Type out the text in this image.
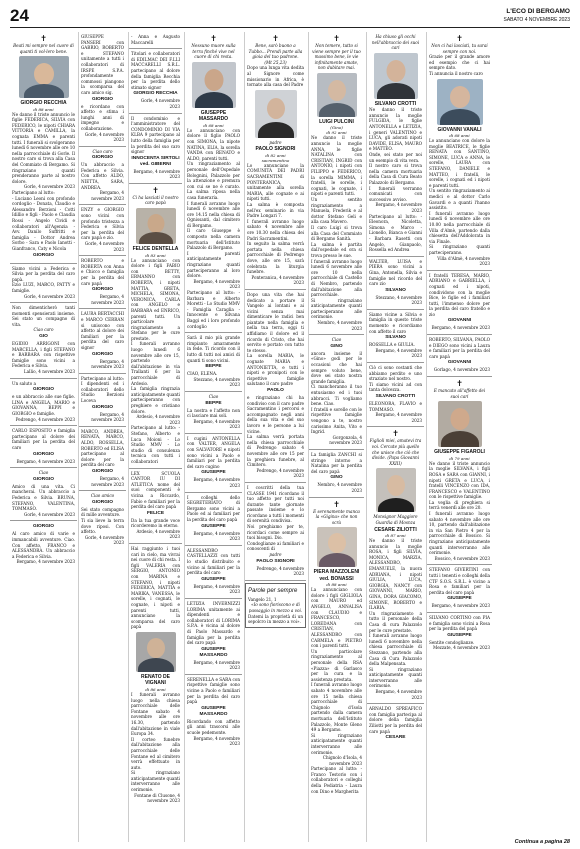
24	L'ECO DI BERGAMO
SABATO 4 NOVEMBRE 2023
✝

Beati mi sempre nel cuore di quanti ti vol-lero bene.

GIORGIO RECCHIA
di 88 anni

Ne danno il triste annuncio le figlie FEDERICA, SILVIA con FEDERICO, le nipoti CHIARA VITTORIA e CAMILLA, la cognata EMMA e parenti tutti. I funerali si svolgeranno lunedì 6 novembre alle ore 10 nella parrocchiale di Gorle. Il nostro caro si trova alla Casa del Commiato di Bergamo. Si ringraziano quanti prenderanno parte al nostro dolore.

Gorle, 4 novembre 2023

Partecipano al lutto:

- Luciano Leoni con profondo cordoglio - Donata, Claudio e Alessandro Berzioni - Cotti Idillio e figli - Paolo e Claudia Rossi - Angelo Cividi e collaboratori all'Agenzia - Avv. Danilo Suffritti e famiglia - Dottor Andrea Sorbo - Sara e Paolo Ianotti - Gianfranco, Caty e Nicola

GIORGIO

Siamo vicini a Federica e Silvia per la perdita del caro papà.

Ezio LUZI, MARCO, PATTY e famiglie.

Gorle, 4 novembre 2023

Non dimenticherò tanti momenti spensierati insieme. Sei stato un compagno di vita.

Ciao caro

GIO

EGIDIO ARRIGONI con MARCELLA, i figli STEFANO e BARBARA con rispettive famiglie sono vicini a Federica e Silvia.

Lallio, 4 novembre 2023

Un saluto a

GIORGIO

e un abbraccio alle sue figlie. LINA e ANGELA, MARIO e GIOVANNA, BEPPI e GIORGIO e famiglie.

Pedrengo, 4 novembre 2023

CARLO ESPOSITO e famiglia partecipano al dolore dei familiari per la perdita del caro

GIORGIO

Bergamo, 4 novembre 2023

Ciao

GIORGIO

Amico di una vita. Ci mancherai. Un abbraccio a Federica e Silvia. BRUNA, STEFANO, VALENTINA, TOMMASO.

Gorle, 4 novembre 2023

GIORGIO

Al caro amico di varie e immancabili avventure. Ciao. Con affetto, FRANCO e ALESSANDRA. Un abbraccio a Federica e Silvia.

Bergamo, 4 novembre 2023

GIUSEPPE PANSERI con GABRIO, ROBERTO e STEFANO unitamente a tutti i collaboratori di IRSPE S.P.A. profondamente commossi piangono la scomparsa del caro amico sig.

GIORGIO

e ricordano con affetto e stima i lunghi anni di impegno e collaborazione.

Gorle, 4 novembre 2023

Ciao caro

GIORGIO

Un abbraccio a Federica e Silvia. Con affetto ALDO, NIETTA, SARA, ANDREA.

Bergamo, 4 novembre 2023

ENZY e GIORGIO sono vicini con profondo tristezza a Federica e Silvia per la perdita del caro papà e zio.

Gorle, 4 novembre 2023

ROBERTO e ROBERTA con Anna e Chicco e famiglia per la perdita del caro papà

GIORGIO

Bergamo, 4 novembre 2023

LAURA BERTACCHI e MARCO CERRAN si uniscono con affetto al dolore dei familiari per la perdita del caro signor

GIORGIO

Bergamo, 4 novembre 2023

Partecipano al lutto: I dipendenti ed i collaboratori dello Studio Berzioni Loceva

GIORGIO

Bergamo, 4 novembre 2023

MARCO, ANDREA, RENATA, MARCO, ALDO, ROSSELLA, ROBERTO ed ELISA partecipano al dolore per la perdita del caro

GIORGIO

Bergamo, 4 novembre 2023

Ciao amico

GIORGIO

Sei stato compagno di mille avventure.

Ti sia lieve la terra dove riposi. Con affetto.

Gorle, 4 novembre 2023

- Anna e Augusto Maccarelli

Titolari e collaboratori di EDILMAC DEI F.LLI MACCARELLI S.R.L. partecipano al dolore della famiglia Recchia per la perdita dello stimato signor

GIORGIO RECCHIA

Gorle, 4 novembre 2023

Il condominio e l'amministratore del CONDOMINIO DI VIA KLBA 9 partecipano al lutto della famiglia per la perdita del suo caro signor

INNOCENTA SIRTOLI ved. GIBERNI

Bergamo, 4 novembre 2023

✝

Ci ha lasciati il nostro caro papà

FELICE DENTELLA
di 83 anni

Lo annunciano con dolore i figli FABIO con BETTY, ERMANNO con ROBERTA, i nipoti MATTIA, GRETA, MICHELA, SIMONA, VERONICA, CARLA con ANGELO e BARBARA ed ENRICO, parenti tutti. Un particolare ringraziamento a Stefano per le cure prestate.

I funerali avranno luogo lunedì 6 novembre alle ore 15, partendo dall'abitazione in via Trallanti 6 per la parrocchiale di Ardesio.

La famiglia ringrazia anticipatamente quanti parteciperanno con preghiere e cristiano dolore.

Ardesio, 4 novembre 2023

Partecipano al lutto: - Stefano, Alberto e Luca Moioni - Lo Studio MMV - Lo studio di consulenza tecnica con tutti i collaboratori

LEX SCUOLA CANTOR IU DI ATLETICA nome del suoi componenti è vicina a Riccardo, Fabio e familiari per la perdita del caro papà

FELICE

Da la tua grande voce ricorderemo in eterno.

Ardesio, 4 novembre 2023

Hai raggiunto i tuoi cari in cielo, ma vivrai nei cuore di chi resta. I figli VALERIA con SERGIO, ANTONIO con MARINA e STEFANO, i nipoti FEDERICA, MATTIA e MARIKA, VANESSA, le sorelle, i cognati, le cognate, i nipoti e parenti tutti, annunciano la scomparsa del caro papà

RENATO DE VIGNANI
di 86 anni

I funerali avranno luogo nella chiesa parrocchiale delle Fontane sabato 4 novembre alle ore 16.30, partendo dall'abitazione in viale Europa 34.

Il corteo funebre dall'abitazione alla parrocchiale delle Fontane ed al cimitero verrà effettuato in auto.

Si ringraziano anticipatamente quanti interverranno alle cerimonie.

Fontane di Clusone, 4 novembre 2023

✝

Nessuno muore sulla terra finché vive nel cuore di chi resta.

GIUSEPPE MASSARDO
di 68 anni

Lo annunciano con dolore il figlio PAOLO con SIMONA, la nipote NATINA, ELIA, la sorella VANDA con RENATO e ALDO, parenti tutti.

Un ringraziamento al personale dell'Ospedale Bolognini, Palazzolo per la attenzione e premura con cui se ne è curato. La salma riposa nella casa funeraria.

I funerali avranno luogo lunedì 6 novembre alle ore 14.15 nella chiesa di Ognissanti, dal cimitero di Bergamo.

Il caro Giuseppe è composto nella camera mortuaria dell'Istituto Palazzolo di Bergamo.

I parenti anticipatamente ringraziano quanti parteciperanno al loro dolore.

Bergamo, 4 novembre 2023

Partecipano al lutto: - Barbara e Alberto Moretti - Lo Studio MMV - Famiglia Caraglia - Innocente e Silvana Baggi ed i loro profondo cordoglio

Sarà il mio più grande rimpianto amaramente in fede. Ti ricordo con il lutto di tutti noi amici di quanti ti sono vicini.

BEPPE

CIAO, ELENA.

Stezzano, 4 novembre 2023

Ciao

BEPPE

La nostra e l'affetto non ci lasciare mai soli.

Bergamo, 4 novembre 2023

I cugini ANTONELLA con VALTER, ANGELA con SALVATORE e nipoti sono vicini a Paolo e familiari per la perdita del caro cugino

GIUSEPPE

Bergamo, 4 novembre 2023

I colleghi dello SEGRETERIATO di Bergamo sono vicini a Paolo ed ai familiari per la perdita del caro papà

GIUSEPPE

Bergamo, 4 novembre 2023

ALESSANDRO CASTELLAZZI con tutti lo studio distribuito e vicino ai familiari per la perdita del caro

GIUSEPPE

Bergamo, 4 novembre 2023

LETIZIA INVERNIZZI LORIMA unitamente ai dipendenti e collaboratori di LORIMA S.P.A. è vicina al dolore di Paolo Massardo e famiglia per la perdita del caro papà

GIUSEPPE MASSARDO

Bergamo, 4 novembre 2023

SERENELLA e SARA con rispettive famiglie sono vicine a Paolo e familiari per la perdita del caro papà

GIUSEPPE MASSARDO

Ricordando con affetto gli anni trascorsi alle scuole pedemonte.

Bergamo, 4 novembre 2023

✝

Bene, sarò buono a Tubbo... Prendi parte alla gioia del tuo padrone.

(Mt 25,23)

Dopo una lunga vita dedita al Signore come missionario in Africa, è tornato alla casa del Padre

padre

PAOLO SIGNORI
di 82 anni
sacramentino

Lo annunciano la COMUNITÀ DEI PADRI SACRAMENTINI di PONTERANICA, unitamente alla sorella MARIA, alle cognate e ai nipoti tutti.

La salma è composta nell'ex seminario in via Padre Longari 7.

I funerali avranno luogo sabato 4 novembre alle ore 10.30 nella chiesa dei Padri Sacramentini.

In seguito la salma verrà portata nella chiesa parrocchiale di Pedrengo dove, alle ore 15, sarà celebrata la liturgia funebre.

Ponteranica, 4 novembre 2023

Dopo una vita che hai dedicato a portare il Vangelo ai lontani e ai vicini senza mai dimenticare le radici ben piantate nella famiglia e nella tua terra, oggi ti affidiamo il dolore ed il ricordo di Cristo, che hai servito e portato con tutto te stesso.

La sorella MARIA, le cognate MARIA e ANTONIETTA, e tutti i nipoti e pronipoti con le rispettive famiglie salutano il caro padre

PAOLO

e ringraziano chi ha condiviso con il caro padre Sacramentino i percorsi e accompagnato negli anni della sua vita e del suo lavoro e le persone a lui vicine.

La salma verrà portata nella chiesa parrocchiale di Pedrengo sabato 4 novembre alle ore 15 per la preghiera funebre, al Cimitero.

Pedrengo, 4 novembre 2023

I coscritti della tua CLASSE 1941 ricordano il tuo affetto per tutti noi durante tante giornate passate insieme e lo ricordano a tutti i momenti di serenità condivisa.

Noi preghiamo per te, ricordaci come sempre ai tuoi bisogni. Dio.

Condoglianze ai familiari e conoscenti di

padre

PAOLO SIGNORI

Pedrengo, 4 novembre 2023

Parole per sempre

Vangelo 21, 1

«Io sono fioriscono e di passaggio in mezzo a voi.

Datemi la proprietà di un sepolcro in mezzo a voi».

✝

Non temere, tutto si viene sempre per il tuo massimo bene, le vie infinitamente amate, non dubitare mai.

LUIGI PULCINI
(Gino)
di 92 anni

Ne danno il triste annuncio la moglie ANNA, le figlie NATALINA con CRISTIAN, INGRID con ANTONIO, i nipoti con FILIPPO e FEDERICO, la sorella MIMMA, i fratelli, le sorelle, i cognati, le cognate, i nipoti e parenti tutti.

Un sentito ringraziamento a Manuela, Frederik e al dottor Stefano Geli e alla casa Mavero.

Il caro Luigi si trova alla Casa del Commiato di Bergamo Sanità.

La salma è partita dall'ospedale ed ora si trova presso le sue.

I funerali avranno luogo lunedì 6 novembre alle ore 10 nella parrocchiale di Castello di Nembro, partendo dall'abitazione alla parrocchiale.

Si ringraziano anticipatamente quanti parteciperanno alle cerimonie.

Nembro, 4 novembre 2023

Ciao

GINO

ancora insieme il «Gino» godi per le occasioni che hai sempre voluto bene, dove sei stato nostra grande famiglia.

Ci mancheranno il tuo entusiasmo ed i tuoi abbracci. Ti vogliamo bene. Ciao.

I fratelli e sorelle con le rispettive famiglie vengono a te, nostro carissimo Anita, Vito e Ingrid.

Gorgonzola, 4 novembre 2023

La famiglia ZANCHI si stringe intorno a Natalina per la perdita del caro papà

GINO

Nembro, 4 novembre 2023

✝

E serenamente manca la «Gigina» che non scrà

PIERA MAZZOLENI ved. BONASSI
di 88 anni

La annunciano con dolore i figli GIGLIOLA con MAURO ed ANGELO, ANNALISA con CLAUDIO e FRANCESCO, LOREDANA con CRISTIAN, ALESSANDRO con CARMELA e PIETRO con i parenti tutti.

Un particolare ringraziamento al personale della RSA «Piazza» di Garlasco per la cura e la assistenza prestata.

I funerali avranno luogo sabato 4 novembre alle ore 15 nella chiesa parrocchiale di Chignolo d'Isola partendo dalla camera mortuaria dell'Istituto Palazzolo, Monte Gleno 49 a Bergamo.

Si ringraziano anticipatamente quanti interverranno alle cerimonie.

Chignolo d'Isola, 4 novembre 2023

Partecipano al lutto: - Franco Testorio con i collaboratori e colleghi della Pediatria - Laura con Dino e Margherita

Ha chiuso gli occhi nell'abbraccio dei suoi cari

SILVANO CROTTI

Ne danno il triste annuncio la moglie FULGIDA, le figlie ANTONELLA e LETIZIA, i generi VALENTINO e LUCA, gli adorati nipoti DAVIDE, ELISA, MAURO e MATTEO.

Onde, sei stato per noi un esempio di vita vera.

Il nostro caro si trova nella camera mortuaria della Casa di Cura Beato Palazzolo di Bergamo.

I funerali verranno comunicati con successivo avviso.

Bergamo, 4 novembre 2023

Partecipano al lutto: - Eleonora, Nicoletta, Simona e Marco - Lionello, Bianca e Gianni - Barbara Rasetti con Angelo, Gianpaolo, Rossella ed Andrea

WALTER, LUISA e PIERA sono vicini a Gina, Antonella, Silvia e famiglie nel ricordo del caro zio

SILVANO

Stezzano, 4 novembre 2023

Siamo vicine a Silvia e famiglia in questo triste momento e ricordiamo con affetto il caro

SILVANO

ROSSELLA e GIULIA.

Bergamo, 4 novembre 2023

Ciò ci sono costanti che abbiamo perdito e uno straziato nel nostro.

Ti siamo vicini ad con tanta dolcezza.

SILVANO CROTTI

ELEONORA, FLAVIO e TOMMASO.

Bergamo, 4 novembre 2023

✝

Figlioli miei, amatevi tra voi. Cercate più quello che unisce che ciò che divide. (Papa Giovanni XXIII)

Monsignor Maggiore Guardia di Mosnza

CESARE ZILIOTTI
di 87 anni

Ne danno il triste annuncio la moglie ROSA, i figli SILVIA, MONICA, MARZIA, ALESSANDRO, EMANUELE, la nuora ADRIANA, i nipoti GIULIA, LUCA, GIORGIA, NANCY con GIOVANNI, MARIO, GINA, DORA GIACOMO, SIMONE, ROBERTO e ILARIA.

Un ringraziamento a tutto il personale della Casa di cura Palazzolo per le cure prestate.

I funerali avranno luogo lunedì 6 novembre nella chiesa parrocchiale di Stezzano, partendo alla Casa di Cura Palazzolo della Malpensata.

Si ringraziano anticipatamente quanti interverranno alle cerimonie.

Bergamo, 4 novembre 2023

ARNALDO SPREAFICO con famiglia partecipa al dolore della famiglia Ziliotti per la perdita del caro papà

CESARE
✝

Non ci hai lasciati, tu sarai sempre con noi.

Grazie per il grande amore ed esempio che ci hai sempre dato.

Ti annuncia il nostro caro

GIOVANNI VANALI
di 68 anni

Lo annunciano con dolore la moglie BEATRICE, le figlie RENATA con SANTINO, SIMONE, LUCA e ANNA, le sorelle, LAURA con STEFANO, DANIELE e MATTEO, i fratelli, le sorelle, i cognati ed i nipoti e parenti tutti.

Un sentito ringraziamento ai medici e al dottor Carlo Gavardi e a quanti l'hanno assistito.

I funerali avranno luogo lunedì 6 novembre alle ore 10.00 nella parrocchiale di Villa d'Almè, partendo dalla chiesetta dell'Addolorata in via Finale.

Si ringraziano quanti parteciperanno.

Villa d'Almè, 4 novembre 2023

I fratelli TERESA, MARIO, ADRIANO e GABRIELLA, i cognati ed i nipoti, condividono con la moglie Bice, le figlie ed i familiari tutti, l'immenso dolore per la perdita del caro fratello e zio

GIOVANNI

Bergamo, 4 novembre 2023

ROBERTO, SILVANA, PAOLO e DIEGO sono vicini a Laura e familiari per la perdita del caro papà

GIOVANNI

Gorlago, 4 novembre 2023

✝

E mancato all'affetto dei suoi cari

GIUSEPPE FIGAROLI
di 79 anni

Ne danno il triste annuncio la moglie SILVANA, i figli ROSA e SARA con GIANNI, i nipoti GRETA e LUCA, i fratelli VINCENZO con IDA, FRANCESCO e VALENTINO con le rispettive famiglie.

La veglia di preghiera si terrà venerdì alle ore 20.

I funerali avranno luogo sabato 4 novembre alle ore 10, partendo dall'abitazione in via San Pietro 4 per la parrocchiale di Bossico. Si ringraziano anticipatamente quanti interverranno alle cerimonie.

Bossico, 4 novembre 2023

STEFANO GIVERTINI con tutti i tenenti e colleghi della CTF S.O.S. S.R.L. è vicino a Rosa e familiari per la perdita del caro papà

GIUSEPPE

Bergamo, 4 novembre 2023

SILVANO CORTINO con PIA e famiglia sono vicini a Rosa per la perdita del papà

GIUSEPPE

Sentite condoglianze.

Mezzate, 4 novembre 2023

Continua a pagina 28
